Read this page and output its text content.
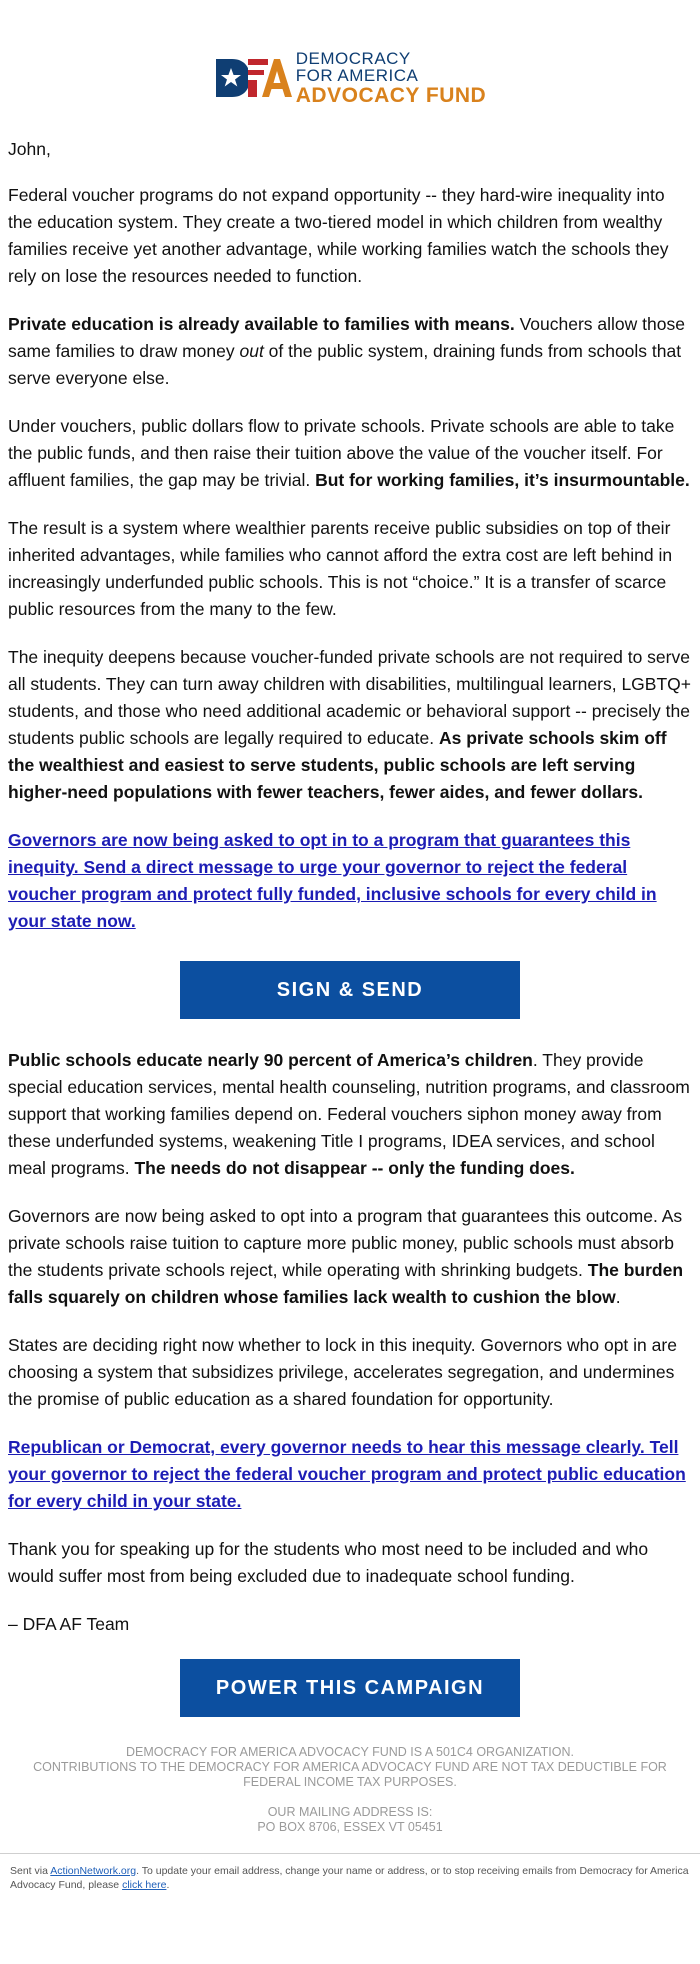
DEMOCRACY
FOR AMERICA
ADVOCACY FUND

John,

Federal voucher programs do not expand opportunity -- they hard-wire inequality into the education system. They create a two-tiered model in which children from wealthy families receive yet another advantage, while working families watch the schools they rely on lose the resources needed to function.

Private education is already available to families with means. Vouchers allow those same families to draw money out of the public system, draining funds from schools that serve everyone else.

Under vouchers, public dollars flow to private schools. Private schools are able to take the public funds, and then raise their tuition above the value of the voucher itself. For affluent families, the gap may be trivial. But for working families, it’s insurmountable.

The result is a system where wealthier parents receive public subsidies on top of their inherited advantages, while families who cannot afford the extra cost are left behind in increasingly underfunded public schools. This is not “choice.” It is a transfer of scarce public resources from the many to the few.

The inequity deepens because voucher-funded private schools are not required to serve all students. They can turn away children with disabilities, multilingual learners, LGBTQ+ students, and those who need additional academic or behavioral support -- precisely the students public schools are legally required to educate. As private schools skim off the wealthiest and easiest to serve students, public schools are left serving higher-need populations with fewer teachers, fewer aides, and fewer dollars.

Governors are now being asked to opt in to a program that guarantees this inequity. Send a direct message to urge your governor to reject the federal voucher program and protect fully funded, inclusive schools for every child in your state now.

SIGN & SEND

Public schools educate nearly 90 percent of America’s children. They provide special education services, mental health counseling, nutrition programs, and classroom support that working families depend on. Federal vouchers siphon money away from these underfunded systems, weakening Title I programs, IDEA services, and school meal programs. The needs do not disappear -- only the funding does.

Governors are now being asked to opt into a program that guarantees this outcome. As private schools raise tuition to capture more public money, public schools must absorb the students private schools reject, while operating with shrinking budgets. The burden falls squarely on children whose families lack wealth to cushion the blow.

States are deciding right now whether to lock in this inequity. Governors who opt in are choosing a system that subsidizes privilege, accelerates segregation, and undermines the promise of public education as a shared foundation for opportunity.

Republican or Democrat, every governor needs to hear this message clearly. Tell your governor to reject the federal voucher program and protect public education for every child in your state.

Thank you for speaking up for the students who most need to be included and who would suffer most from being excluded due to inadequate school funding.

– DFA AF Team

POWER THIS CAMPAIGN
DEMOCRACY FOR AMERICA ADVOCACY FUND IS A 501C4 ORGANIZATION.
CONTRIBUTIONS TO THE DEMOCRACY FOR AMERICA ADVOCACY FUND ARE NOT TAX DEDUCTIBLE FOR FEDERAL INCOME TAX PURPOSES.
OUR MAILING ADDRESS IS:
PO BOX 8706, ESSEX VT 05451
Sent via ActionNetwork.org. To update your email address, change your name or address, or to stop receiving emails from Democracy for America Advocacy Fund, please click here.
